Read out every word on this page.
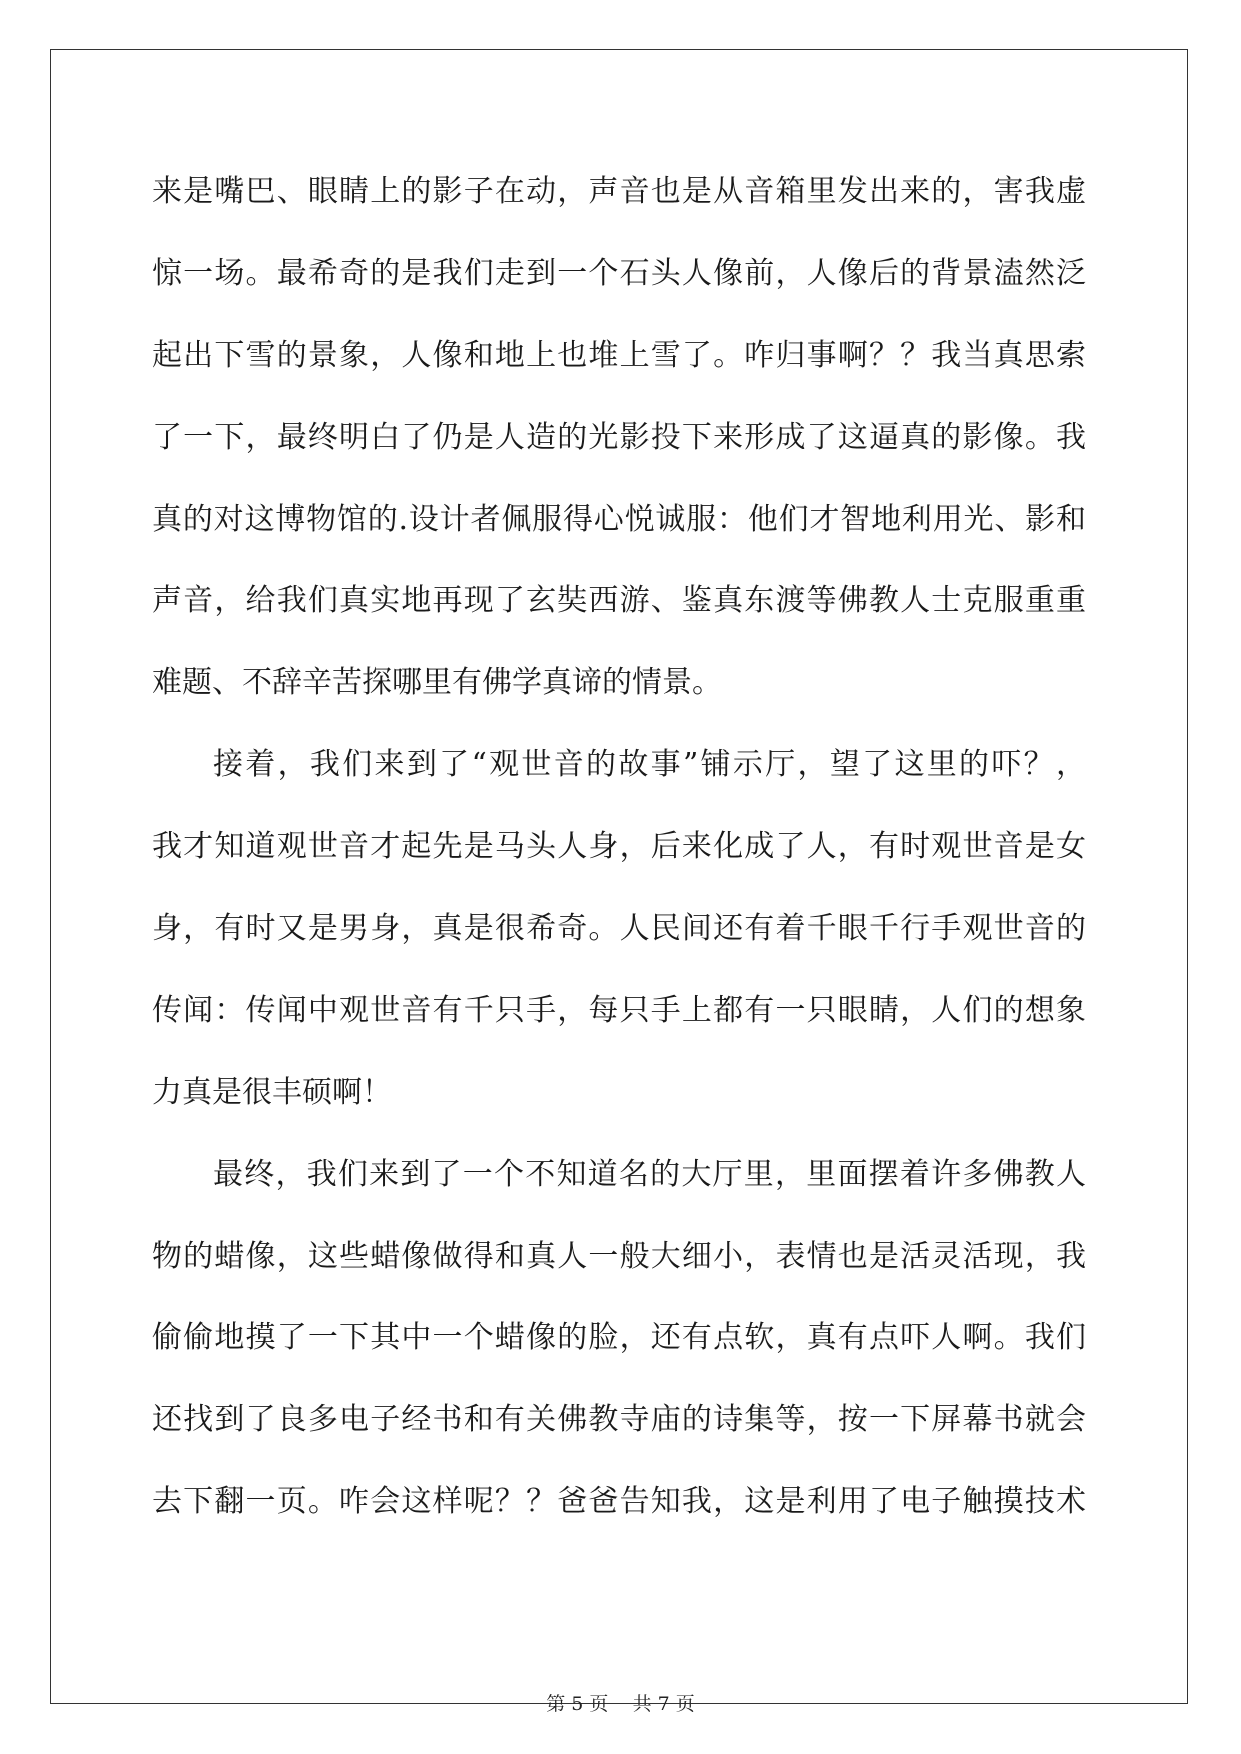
来是嘴巴、眼睛上的影子在动，声音也是从音箱里发出来的，害我虚
惊一场。最希奇的是我们走到一个石头人像前，人像后的背景溘然泛
起出下雪的景象，人像和地上也堆上雪了。咋归事啊？？我当真思索
了一下，最终明白了仍是人造的光影投下来形成了这逼真的影像。我
真的对这博物馆的.设计者佩服得心悦诚服：他们才智地利用光、影和
声音，给我们真实地再现了玄奘西游、鉴真东渡等佛教人士克服重重
难题、不辞辛苦探哪里有佛学真谛的情景。
接着，我们来到了“观世音的故事”铺示厅，望了这里的吓？，
我才知道观世音才起先是马头人身，后来化成了人，有时观世音是女
身，有时又是男身，真是很希奇。人民间还有着千眼千行手观世音的
传闻：传闻中观世音有千只手，每只手上都有一只眼睛，人们的想象
力真是很丰硕啊！
最终，我们来到了一个不知道名的大厅里，里面摆着许多佛教人
物的蜡像，这些蜡像做得和真人一般大细小，表情也是活灵活现，我
偷偷地摸了一下其中一个蜡像的脸，还有点软，真有点吓人啊。我们
还找到了良多电子经书和有关佛教寺庙的诗集等，按一下屏幕书就会
去下翻一页。咋会这样呢？？爸爸告知我，这是利用了电子触摸技术
第 5 页    共 7 页
